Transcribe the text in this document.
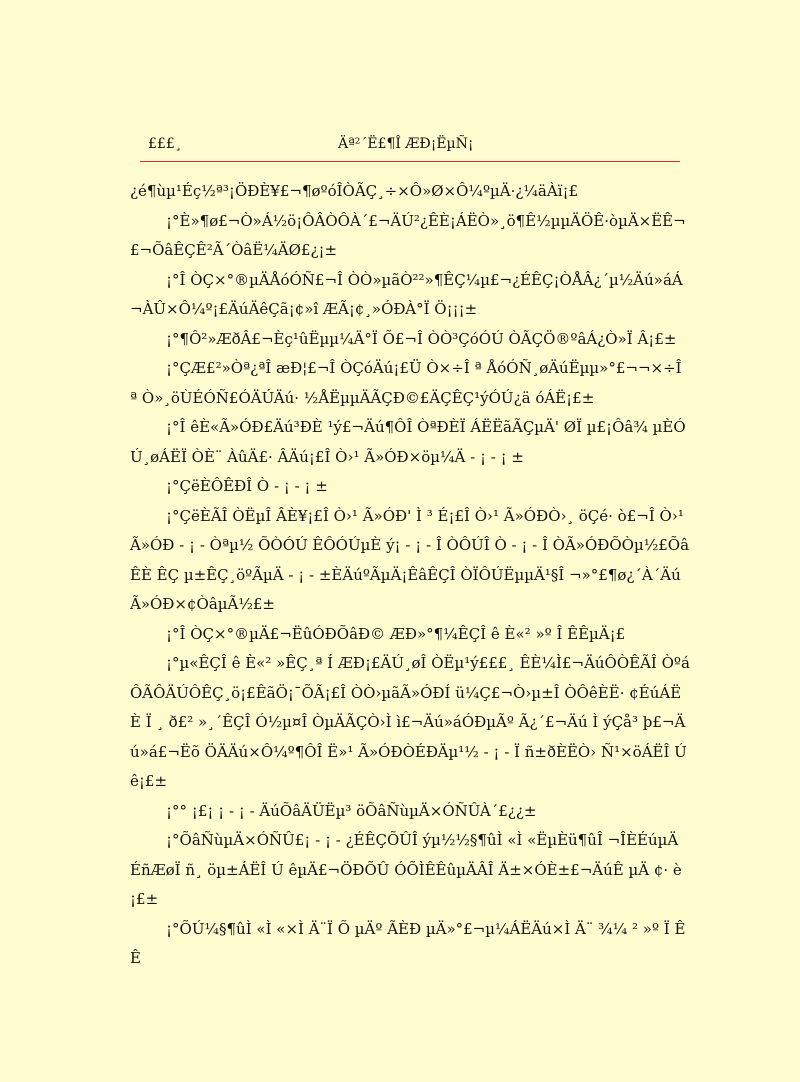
£££¸	Äª²´Ë£¶Î ÆÐ¡ËµÑ¡

¿é¶ùµ¹Éç½ª³¡ÖÐÈ¥£¬¶øºóÎÒÃÇ¸÷×Ô»Ø×Ô¼ºµÄ·¿¼äÀï¡£

¡°È»¶ø£¬Ò»Á½ö¡ÔÂÒÔÀ´£¬ÄÚ²¿ÊÈ¡ÁËÒ»¸ö¶Ê½µµÄÖÊ·òµÄ×ËÊ¬£¬ÕâÊÇÊ²Ã´ÒâË¼ÄØ£¿¡±

¡°Î ÒÇ×°®µÄÅóÓÑ£¬Î ÒÒ»µãÒ²²»¶ÊÇ¼µ£¬¿ÉÊÇ¡ÒÅÂ¿´µ½Äú»áÁ¬ÀÛ×Ô¼º¡£ÄúÄêÇã¡¢»î ÆÃ¡¢¸»ÓÐÀ°Ï Ö¡¡¡±

¡°¶Ô²»ÆðÂ£¬Èç¹ûËµµ¼Ä°Ï Õ£¬Î ÒÒ³ÇóÓÚ ÒÃÇÖ®ºâÁ¿Ò»Ï Â¡£±

¡°ÇÆ£²»Òª¿ªÎ æÐ¦£¬Î ÒÇóÄú¡£Ü Ò×÷Î ª ÅóÓÑ¸øÄúËµµ»°£¬¬×÷Î ª Ò»¸öÙÉÓÑ£ÓÄÚÄú· ½ÅËµµÄÃÇÐ©£ÄÇÊÇ¹ýÓÚ¿ä óÁË¡£±

¡°Î êÈ«Ã»ÓÐ£Äú³ÐÈ ¹ý£¬Äú¶ÔÎ ÒªÐÈÏ ÁËËãÃÇµÄ' ØÏ µ£¡Ôâ¾ µÈÓÚ¸øÁËÏ ÒÈ¨ ÀûÄ£· ÂÄú¡£Î Ò›¹ Ã»ÓÐ×öµ¼Ä - ¡ - ¡ ±

¡°ÇëÈÔÊÐÎ Ò - ¡ - ¡ ±

¡°ÇëÈÃÎ ÒËµÎ ÂÈ¥¡£Î Ò›¹ Ã»ÓÐ' Ì ³ É¡£Î Ò›¹ Ã»ÓÐÒ›¸ öÇé· ò£¬Î Ò›¹ Ã»ÓÐ - ¡ - Òªµ½ ÕÒÓÚ ÊÔÓÚµÈ ý¡ - ¡ - Î ÒÔÚÎ Ò - ¡ - Î ÒÃ»ÓÐÕÒµ½£ÕâÊÈ ÊÇ µ±ÊÇ¸öºÃµÄ - ¡ - ±ÈÄúºÃµÄ¡ÊâÊÇÎ ÒÏÔÚËµµÄ¹§Î ¬»°£¶ø¿´À´ÄúÃ»ÓÐ×¢ÒâµÃ½£±

¡°Î ÒÇ×°®µÄ£¬ËûÓÐÕâÐ© ÆÐ»°¶¼ÊÇÎ ê È«² »º Î ÊÊµÄ¡£

¡°µ«ÊÇÎ ê È«² »ÊÇ¸ª Í ÆÐ¡£ÄÚ¸øÎ ÒËµ¹ý£££¸ ÊÈ¼Ì£¬ÄúÔÒÊÃÎ ÒºáÔÃÔÄÚÔÊÇ¸ö¡£ÊãÖ¡¯ÕÃ¡£Î ÒÒ›µãÃ»ÓÐÍ ü¼Ç£¬Ò›µ±Î ÒÔêÈË· ¢ÉúÁËÈ Ï ¸ ð£² »¸´ÊÇÎ Ó½µ¤Î ÒµÄÃÇÒ›Ì ì£¬Äú»áÓÐµÃº Ã¿´£¬Äú Ì ýÇå³ þ£¬Äú»á£¬Ëõ ÖÄÄú×Ô¼º¶ÔÎ Ë»¹ Ã»ÓÐÒÉÐÄµ¹½ - ¡ - Ï ñ±ðÈËÒ› Ñ¹×öÁËÎ Ú ê¡£±

¡°° ¡£¡ ¡ - ¡ - ÄúÕâÄÜËµ³ öÕâÑùµÄ×ÓÑÛÀ´£¿¿±

¡°ÕâÑùµÄ×ÓÑÛ£¡ - ¡ - ¿ÉÊÇÕÛÎ ýµ½½§¶ûÌ «Ì «ËµÈü¶ûÎ ¬ÎÈÉúµÄ ÉñÆøÏ ñ¸ öµ±ÁËÎ Ú êµÄ£¬ÖÐÕÛ ÓÕÌÊÊûµÄÂÎ Ä±×ÓÈ±£¬ÄúÊ µÄ ¢· è¡£±

¡°ÕÚ¼§¶ûÌ «Ì «×Ì Ä¨Ï Õ µÄº ÃÈÐ µÄ»°£¬µ¼ÁËÄú×Ì Ä¨ ¾¼ ² »º Ï ÊÊ
